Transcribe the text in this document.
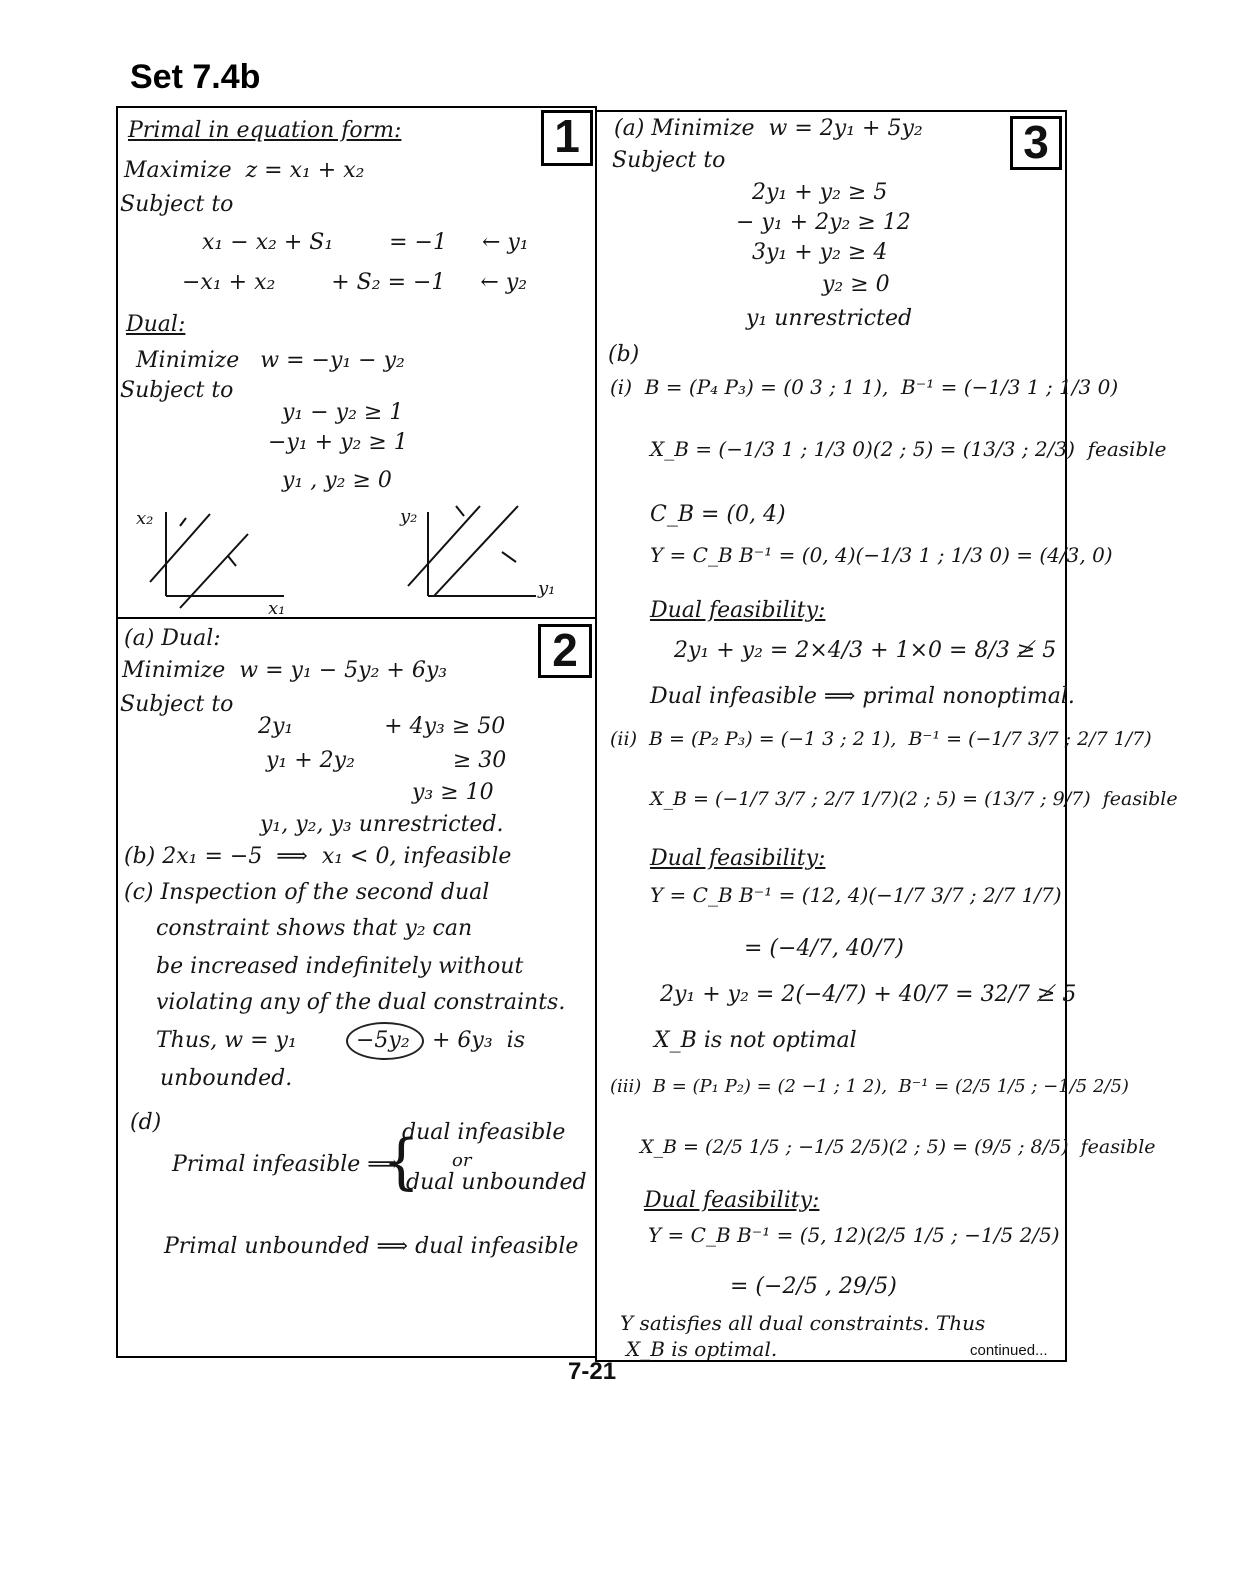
Set 7.4b
1
Primal in equation form:
Maximize  z = x₁ + x₂
Subject to
x₁ − x₂ + S₁        = −1     ← y₁
−x₁ + x₂        + S₂ = −1     ← y₂
Dual:
Minimize   w = −y₁ − y₂
Subject to
y₁ − y₂ ≥ 1
−y₁ + y₂ ≥ 1
y₁ , y₂ ≥ 0
x₂
x₁
y₂
y₁
2
(a) Dual:
Minimize  w = y₁ − 5y₂ + 6y₃
Subject to
2y₁             + 4y₃ ≥ 50
y₁ + 2y₂              ≥ 30
y₃ ≥ 10
y₁, y₂, y₃ unrestricted.
(b) 2x₁ = −5  ⟹  x₁ < 0, infeasible
(c) Inspection of the second dual
constraint shows that y₂ can
be increased indefinitely without
violating any of the dual constraints.
Thus, w = y₁	−5y₂ + 6y₃  is
unbounded.
(d)
Primal infeasible ⟹
{
dual infeasible
or
dual unbounded
Primal unbounded ⟹ dual infeasible
3
(a) Minimize  w = 2y₁ + 5y₂
Subject to
2y₁ + y₂ ≥ 5
− y₁ + 2y₂ ≥ 12
3y₁ + y₂ ≥ 4
y₂ ≥ 0
y₁ unrestricted
(b)
(i)  B = (P₄ P₃) = (0 3 ; 1 1),  B⁻¹ = (−1/3 1 ; 1/3 0)
X_B = (−1/3 1 ; 1/3 0)(2 ; 5) = (13/3 ; 2/3)  feasible
C_B = (0, 4)
Y = C_B B⁻¹ = (0, 4)(−1/3 1 ; 1/3 0) = (4/3, 0)
Dual feasibility:
2y₁ + y₂ = 2×4/3 + 1×0 = 8/3 ≱ 5
Dual infeasible ⟹ primal nonoptimal.
(ii)  B = (P₂ P₃) = (−1 3 ; 2 1),  B⁻¹ = (−1/7 3/7 ; 2/7 1/7)
X_B = (−1/7 3/7 ; 2/7 1/7)(2 ; 5) = (13/7 ; 9/7)  feasible
Dual feasibility:
Y = C_B B⁻¹ = (12, 4)(−1/7 3/7 ; 2/7 1/7)
= (−4/7, 40/7)
2y₁ + y₂ = 2(−4/7) + 40/7 = 32/7 ≱ 5
X_B is not optimal
(iii)  B = (P₁ P₂) = (2 −1 ; 1 2),  B⁻¹ = (2/5 1/5 ; −1/5 2/5)
X_B = (2/5 1/5 ; −1/5 2/5)(2 ; 5) = (9/5 ; 8/5)  feasible
Dual feasibility:
Y = C_B B⁻¹ = (5, 12)(2/5 1/5 ; −1/5 2/5)
= (−2/5 , 29/5)
Y satisfies all dual constraints. Thus
X_B is optimal.	continued...
7-21
